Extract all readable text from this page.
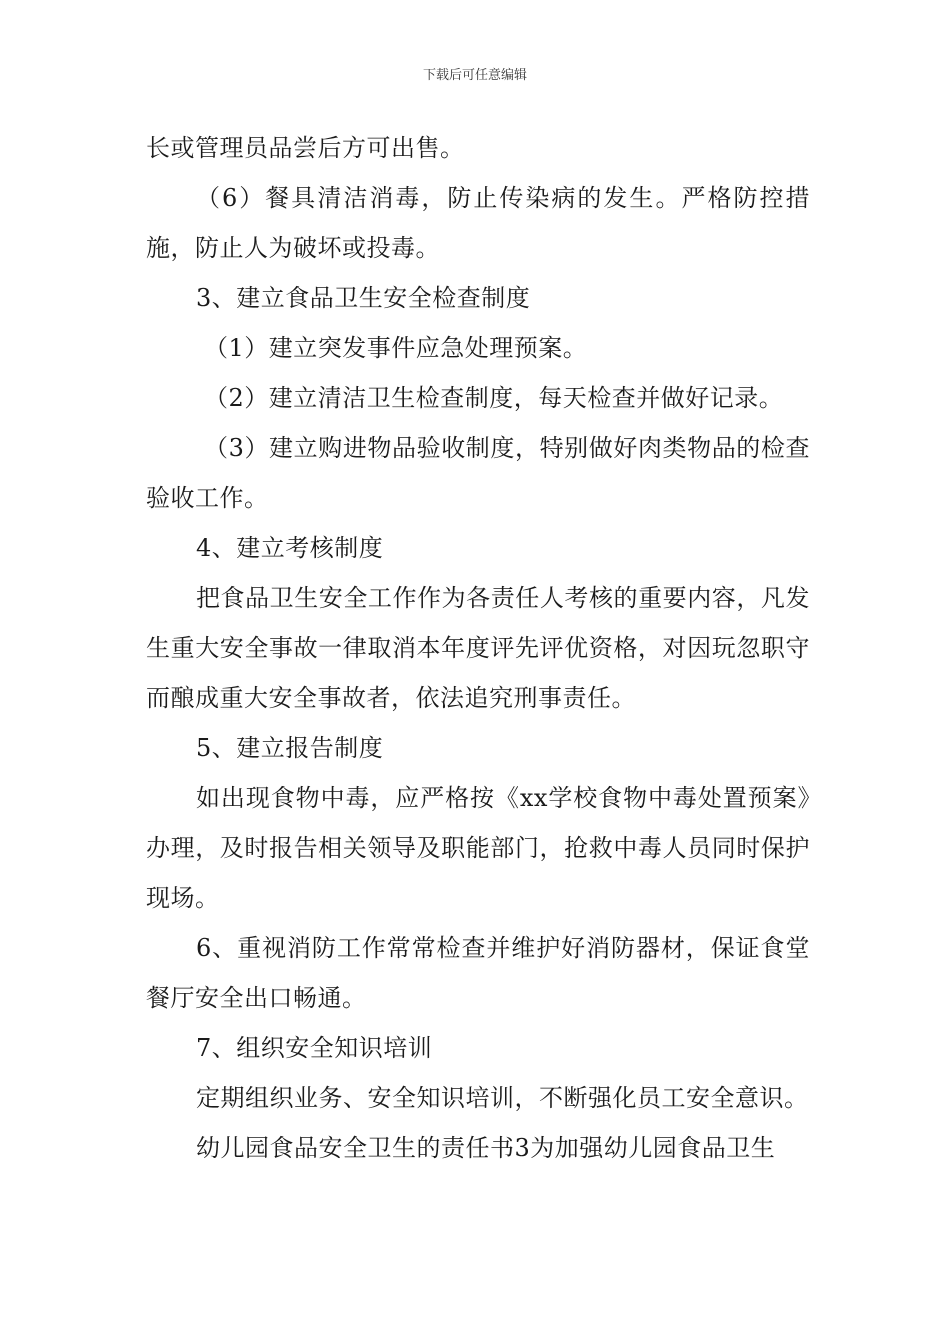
下载后可任意编辑

长或管理员品尝后方可出售。

（6）餐具清洁消毒，防止传染病的发生。严格防控措施，防止人为破坏或投毒。

3、建立食品卫生安全检查制度

（1）建立突发事件应急处理预案。

（2）建立清洁卫生检查制度，每天检查并做好记录。

（3）建立购进物品验收制度，特别做好肉类物品的检查验收工作。

4、建立考核制度

把食品卫生安全工作作为各责任人考核的重要内容，凡发生重大安全事故一律取消本年度评先评优资格，对因玩忽职守而酿成重大安全事故者，依法追究刑事责任。

5、建立报告制度

如出现食物中毒，应严格按《xx学校食物中毒处置预案》办理，及时报告相关领导及职能部门，抢救中毒人员同时保护现场。

6、重视消防工作常常检查并维护好消防器材，保证食堂餐厅安全出口畅通。

7、组织安全知识培训

定期组织业务、安全知识培训，不断强化员工安全意识。

幼儿园食品安全卫生的责任书3为加强幼儿园食品卫生
